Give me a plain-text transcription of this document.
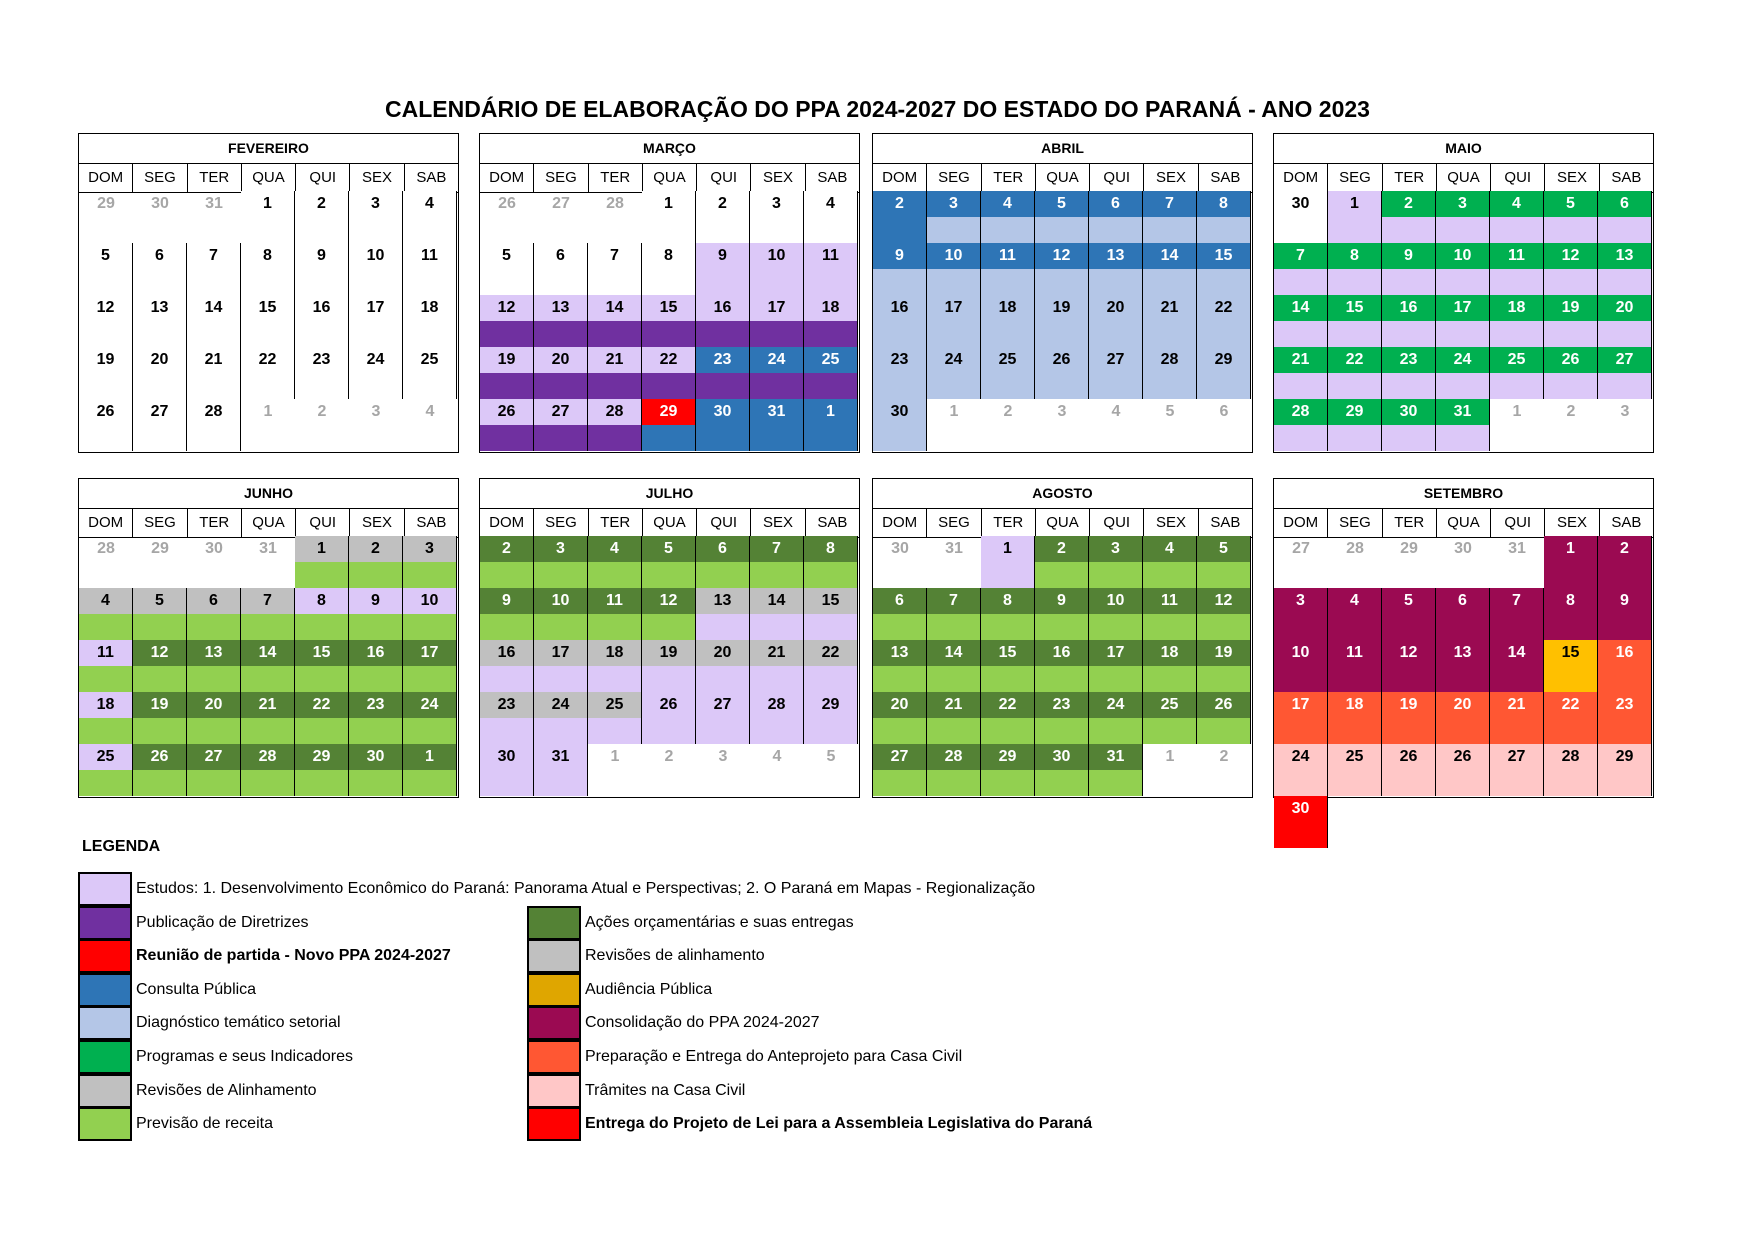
CALENDÁRIO DE ELABORAÇÃO DO PPA 2024-2027 DO ESTADO DO PARANÁ - ANO 2023
FEVEREIRO
DOM	SEG	TER	QUA	QUI	SEX	SAB
29	30	31	1	2	3	4
5	6	7	8	9	10	11
12	13	14	15	16	17	18
19	20	21	22	23	24	25
26	27	28	1	2	3	4
MARÇO
DOM	SEG	TER	QUA	QUI	SEX	SAB
26	27	28	1	2	3	4
5	6	7	8	9	10	11
12	13	14	15	16	17	18
19	20	21	22	23	24	25
26	27	28	29	30	31	1
ABRIL
DOM	SEG	TER	QUA	QUI	SEX	SAB
2	3	4	5	6	7	8
9	10	11	12	13	14	15
16	17	18	19	20	21	22
23	24	25	26	27	28	29
30	1	2	3	4	5	6
MAIO
DOM	SEG	TER	QUA	QUI	SEX	SAB
30	1	2	3	4	5	6
7	8	9	10	11	12	13
14	15	16	17	18	19	20
21	22	23	24	25	26	27
28	29	30	31	1	2	3
JUNHO
DOM	SEG	TER	QUA	QUI	SEX	SAB
28	29	30	31	1	2	3
4	5	6	7	8	9	10
11	12	13	14	15	16	17
18	19	20	21	22	23	24
25	26	27	28	29	30	1
JULHO
DOM	SEG	TER	QUA	QUI	SEX	SAB
2	3	4	5	6	7	8
9	10	11	12	13	14	15
16	17	18	19	20	21	22
23	24	25	26	27	28	29
30	31	1	2	3	4	5
AGOSTO
DOM	SEG	TER	QUA	QUI	SEX	SAB
30	31	1	2	3	4	5
6	7	8	9	10	11	12
13	14	15	16	17	18	19
20	21	22	23	24	25	26
27	28	29	30	31	1	2
SETEMBRO
DOM	SEG	TER	QUA	QUI	SEX	SAB
27	28	29	30	31	1	2
3	4	5	6	7	8	9
10	11	12	13	14	15	16
17	18	19	20	21	22	23
24	25	26	26	27	28	29
30
LEGENDA
Estudos: 1. Desenvolvimento Econômico do Paraná: Panorama Atual e Perspectivas; 2. O Paraná em Mapas - Regionalização
Publicação de Diretrizes
Reunião de partida - Novo PPA 2024-2027
Consulta Pública
Diagnóstico temático setorial
Programas e seus Indicadores
Revisões de Alinhamento
Previsão de receita
Ações orçamentárias e suas entregas
Revisões de alinhamento
Audiência Pública
Consolidação do PPA 2024-2027
Preparação e Entrega do Anteprojeto para Casa Civil
Trâmites na Casa Civil
Entrega do Projeto de Lei para a Assembleia Legislativa do Paraná
